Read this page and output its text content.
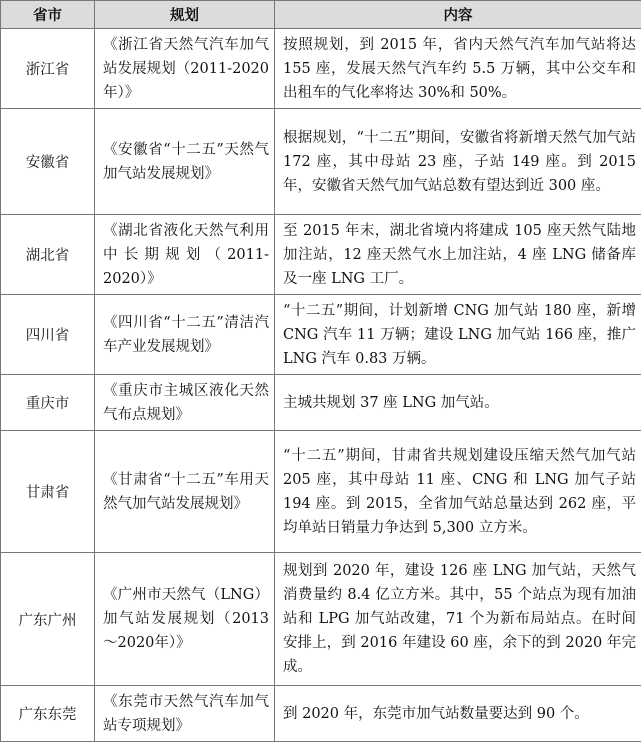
省市	规划	内容
浙江省	《浙江省天然气汽车加气站发展规划（2011-2020年）》	按照规划，到 2015 年，省内天然气汽车加气站将达 155 座，发展天然气汽车约 5.5 万辆，其中公交车和出租车的气化率将达 30%和 50%。
安徽省	《安徽省“十二五”天然气加气站发展规划》	根据规划，“十二五”期间，安徽省将新增天然气加气站 172 座，其中母站 23 座，子站 149 座。到 2015 年，安徽省天然气加气站总数有望达到近 300 座。
湖北省	《湖北省液化天然气利用中长期规划（2011-2020）》	至 2015 年末，湖北省境内将建成 105 座天然气陆地加注站，12 座天然气水上加注站，4 座 LNG 储备库及一座 LNG 工厂。
四川省	《四川省“十二五”清洁汽车产业发展规划》	“十二五”期间，计划新增 CNG 加气站 180 座，新增 CNG 汽车 11 万辆；建设 LNG 加气站 166 座，推广 LNG 汽车 0.83 万辆。
重庆市	《重庆市主城区液化天然气布点规划》	主城共规划 37 座 LNG 加气站。
甘肃省	《甘肃省“十二五”车用天然气加气站发展规划》	“十二五”期间，甘肃省共规划建设压缩天然气加气站 205 座，其中母站 11 座、CNG 和 LNG 加气子站 194 座。到 2015，全省加气站总量达到 262 座，平均单站日销量力争达到 5,300 立方米。
广东广州	《广州市天然气（LNG）加气站发展规划（2013～2020年）》	规划到 2020 年，建设 126 座 LNG 加气站，天然气消费量约 8.4 亿立方米。其中，55 个站点为现有加油站和 LPG 加气站改建，71 个为新布局站点。在时间安排上，到 2016 年建设 60 座，余下的到 2020 年完成。
广东东莞	《东莞市天然气汽车加气站专项规划》	到 2020 年，东莞市加气站数量要达到 90 个。
